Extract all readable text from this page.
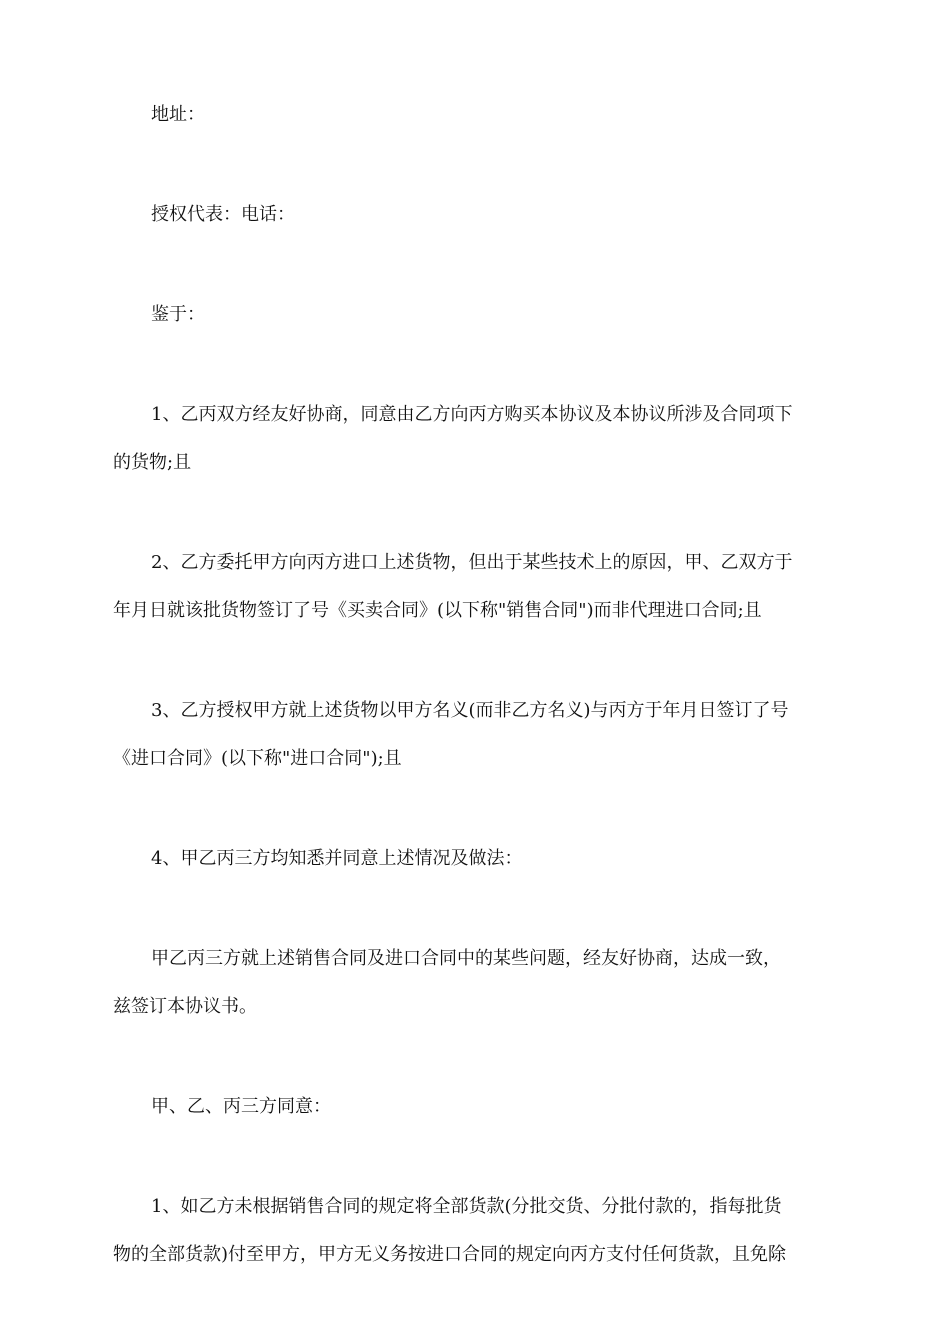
地址：
授权代表：电话：
鉴于：
1、乙丙双方经友好协商，同意由乙方向丙方购买本协议及本协议所涉及合同项下
的货物;且
2、乙方委托甲方向丙方进口上述货物，但出于某些技术上的原因，甲、乙双方于
年月日就该批货物签订了号《买卖合同》(以下称"销售合同")而非代理进口合同;且
3、乙方授权甲方就上述货物以甲方名义(而非乙方名义)与丙方于年月日签订了号
《进口合同》(以下称"进口合同");且
4、甲乙丙三方均知悉并同意上述情况及做法：
甲乙丙三方就上述销售合同及进口合同中的某些问题，经友好协商，达成一致，
兹签订本协议书。
甲、乙、丙三方同意：
1、如乙方未根据销售合同的规定将全部货款(分批交货、分批付款的，指每批货
物的全部货款)付至甲方，甲方无义务按进口合同的规定向丙方支付任何货款，且免除
